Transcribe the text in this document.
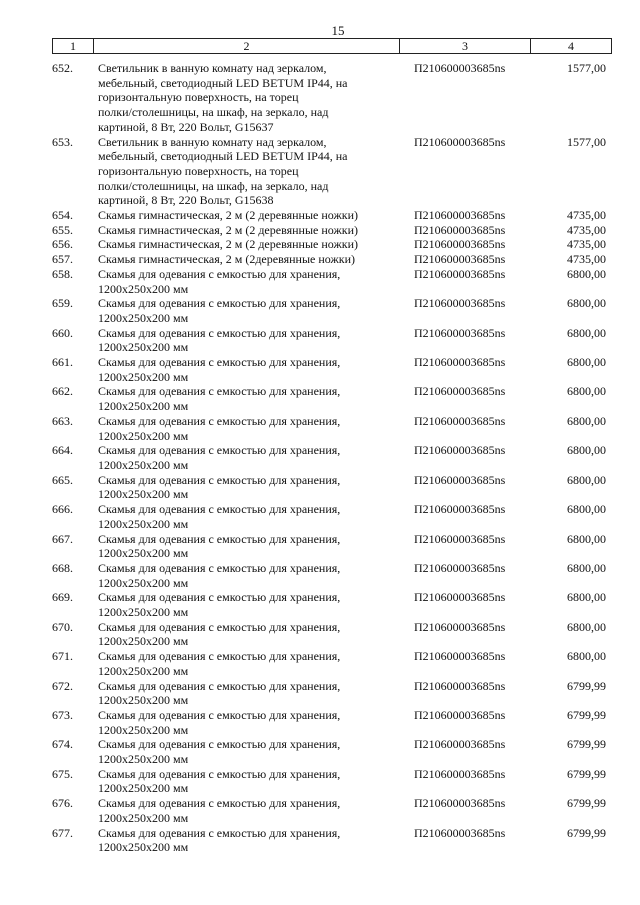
15
1	2	3	4
652.	Светильник в ванную комнату над зеркалом,
мебельный, светодиодный LED BETUM IP44, на
горизонтальную поверхность, на торец
полки/столешницы, на шкаф, на зеркало, над
картиной, 8 Вт, 220 Вольт, G15637
П210600003685ns	1577,00
653.	Светильник в ванную комнату над зеркалом,
мебельный, светодиодный LED BETUM IP44, на
горизонтальную поверхность, на торец
полки/столешницы, на шкаф, на зеркало, над
картиной, 8 Вт, 220 Вольт, G15638
П210600003685ns	1577,00
654.	Скамья гимнастическая, 2 м (2 деревянные ножки)	П210600003685ns	4735,00
655.	Скамья гимнастическая, 2 м (2 деревянные ножки)	П210600003685ns	4735,00
656.	Скамья гимнастическая, 2 м (2 деревянные ножки)	П210600003685ns	4735,00
657.	Скамья гимнастическая, 2 м (2деревянные ножки)	П210600003685ns	4735,00
658.	Скамья для одевания с емкостью для хранения,
1200х250х200 мм
П210600003685ns	6800,00
659.	Скамья для одевания с емкостью для хранения,
1200х250х200 мм
П210600003685ns	6800,00
660.	Скамья для одевания с емкостью для хранения,
1200х250х200 мм
П210600003685ns	6800,00
661.	Скамья для одевания с емкостью для хранения,
1200х250х200 мм
П210600003685ns	6800,00
662.	Скамья для одевания с емкостью для хранения,
1200х250х200 мм
П210600003685ns	6800,00
663.	Скамья для одевания с емкостью для хранения,
1200х250х200 мм
П210600003685ns	6800,00
664.	Скамья для одевания с емкостью для хранения,
1200х250х200 мм
П210600003685ns	6800,00
665.	Скамья для одевания с емкостью для хранения,
1200х250х200 мм
П210600003685ns	6800,00
666.	Скамья для одевания с емкостью для хранения,
1200х250х200 мм
П210600003685ns	6800,00
667.	Скамья для одевания с емкостью для хранения,
1200х250х200 мм
П210600003685ns	6800,00
668.	Скамья для одевания с емкостью для хранения,
1200х250х200 мм
П210600003685ns	6800,00
669.	Скамья для одевания с емкостью для хранения,
1200х250х200 мм
П210600003685ns	6800,00
670.	Скамья для одевания с емкостью для хранения,
1200х250х200 мм
П210600003685ns	6800,00
671.	Скамья для одевания с емкостью для хранения,
1200х250х200 мм
П210600003685ns	6800,00
672.	Скамья для одевания с емкостью для хранения,
1200х250х200 мм
П210600003685ns	6799,99
673.	Скамья для одевания с емкостью для хранения,
1200х250х200 мм
П210600003685ns	6799,99
674.	Скамья для одевания с емкостью для хранения,
1200х250х200 мм
П210600003685ns	6799,99
675.	Скамья для одевания с емкостью для хранения,
1200х250х200 мм
П210600003685ns	6799,99
676.	Скамья для одевания с емкостью для хранения,
1200х250х200 мм
П210600003685ns	6799,99
677.	Скамья для одевания с емкостью для хранения,
1200х250х200 мм
П210600003685ns	6799,99
